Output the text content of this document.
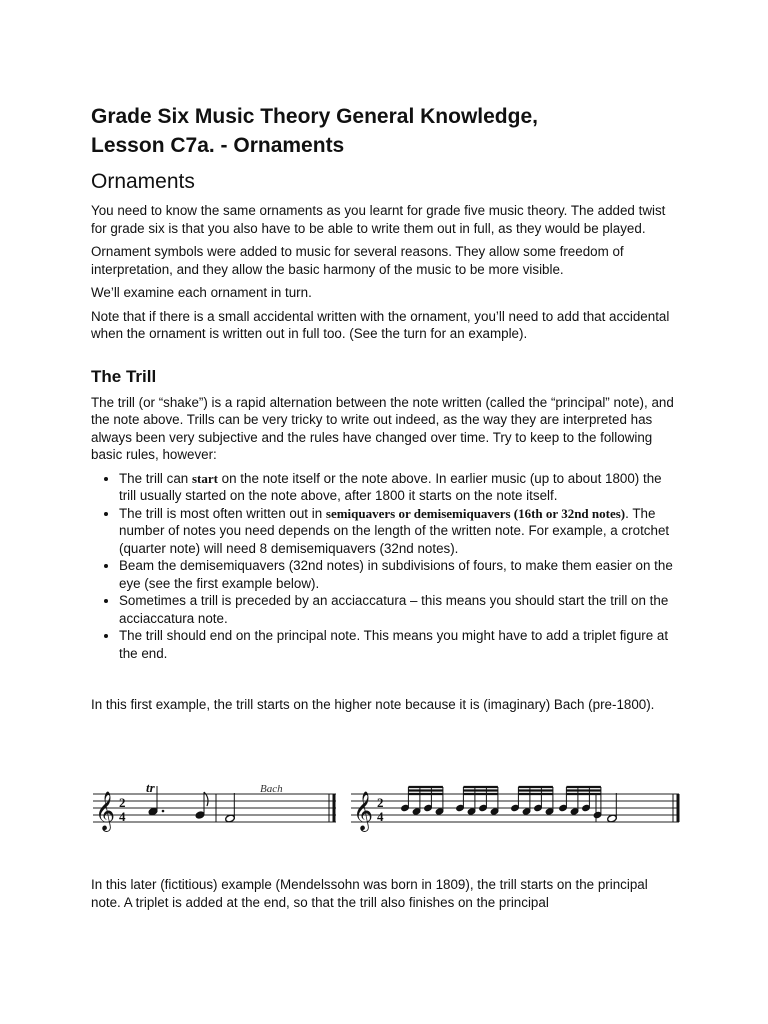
Grade Six Music Theory General Knowledge,
Lesson C7a. - Ornaments
Ornaments

You need to know the same ornaments as you learnt for grade five music theory. The added twist for grade six is that you also have to be able to write them out in full, as they would be played.

Ornament symbols were added to music for several reasons. They allow some freedom of interpretation, and they allow the basic harmony of the music to be more visible.

We’ll examine each ornament in turn.

Note that if there is a small accidental written with the ornament, you’ll need to add that accidental when the ornament is written out in full too. (See the turn for an example).

The Trill

The trill (or “shake”) is a rapid alternation between the note written (called the “principal” note), and the note above. Trills can be very tricky to write out indeed, as the way they are interpreted has always been very subjective and the rules have changed over time. Try to keep to the following basic rules, however:

• The trill can start on the note itself or the note above. In earlier music (up to about 1800) the trill usually started on the note above, after 1800 it starts on the note itself.
• The trill is most often written out in semiquavers or demisemiquavers (16th or 32nd notes). The number of notes you need depends on the length of the written note. For example, a crotchet (quarter note) will need 8 demisemiquavers (32nd notes).
• Beam the demisemiquavers (32nd notes) in subdivisions of fours, to make them easier on the eye (see the first example below).
• Sometimes a trill is preceded by an acciaccatura – this means you should start the trill on the acciaccatura note.
• The trill should end on the principal note. This means you might have to add a triplet figure at the end.

In this first example, the trill starts on the higher note because it is (imaginary) Bach (pre-1800).

𝄞	𝄞
2
4
2
4
tr	Bach

In this later (fictitious) example (Mendelssohn was born in 1809), the trill starts on the principal note. A triplet is added at the end, so that the trill also finishes on the principal
